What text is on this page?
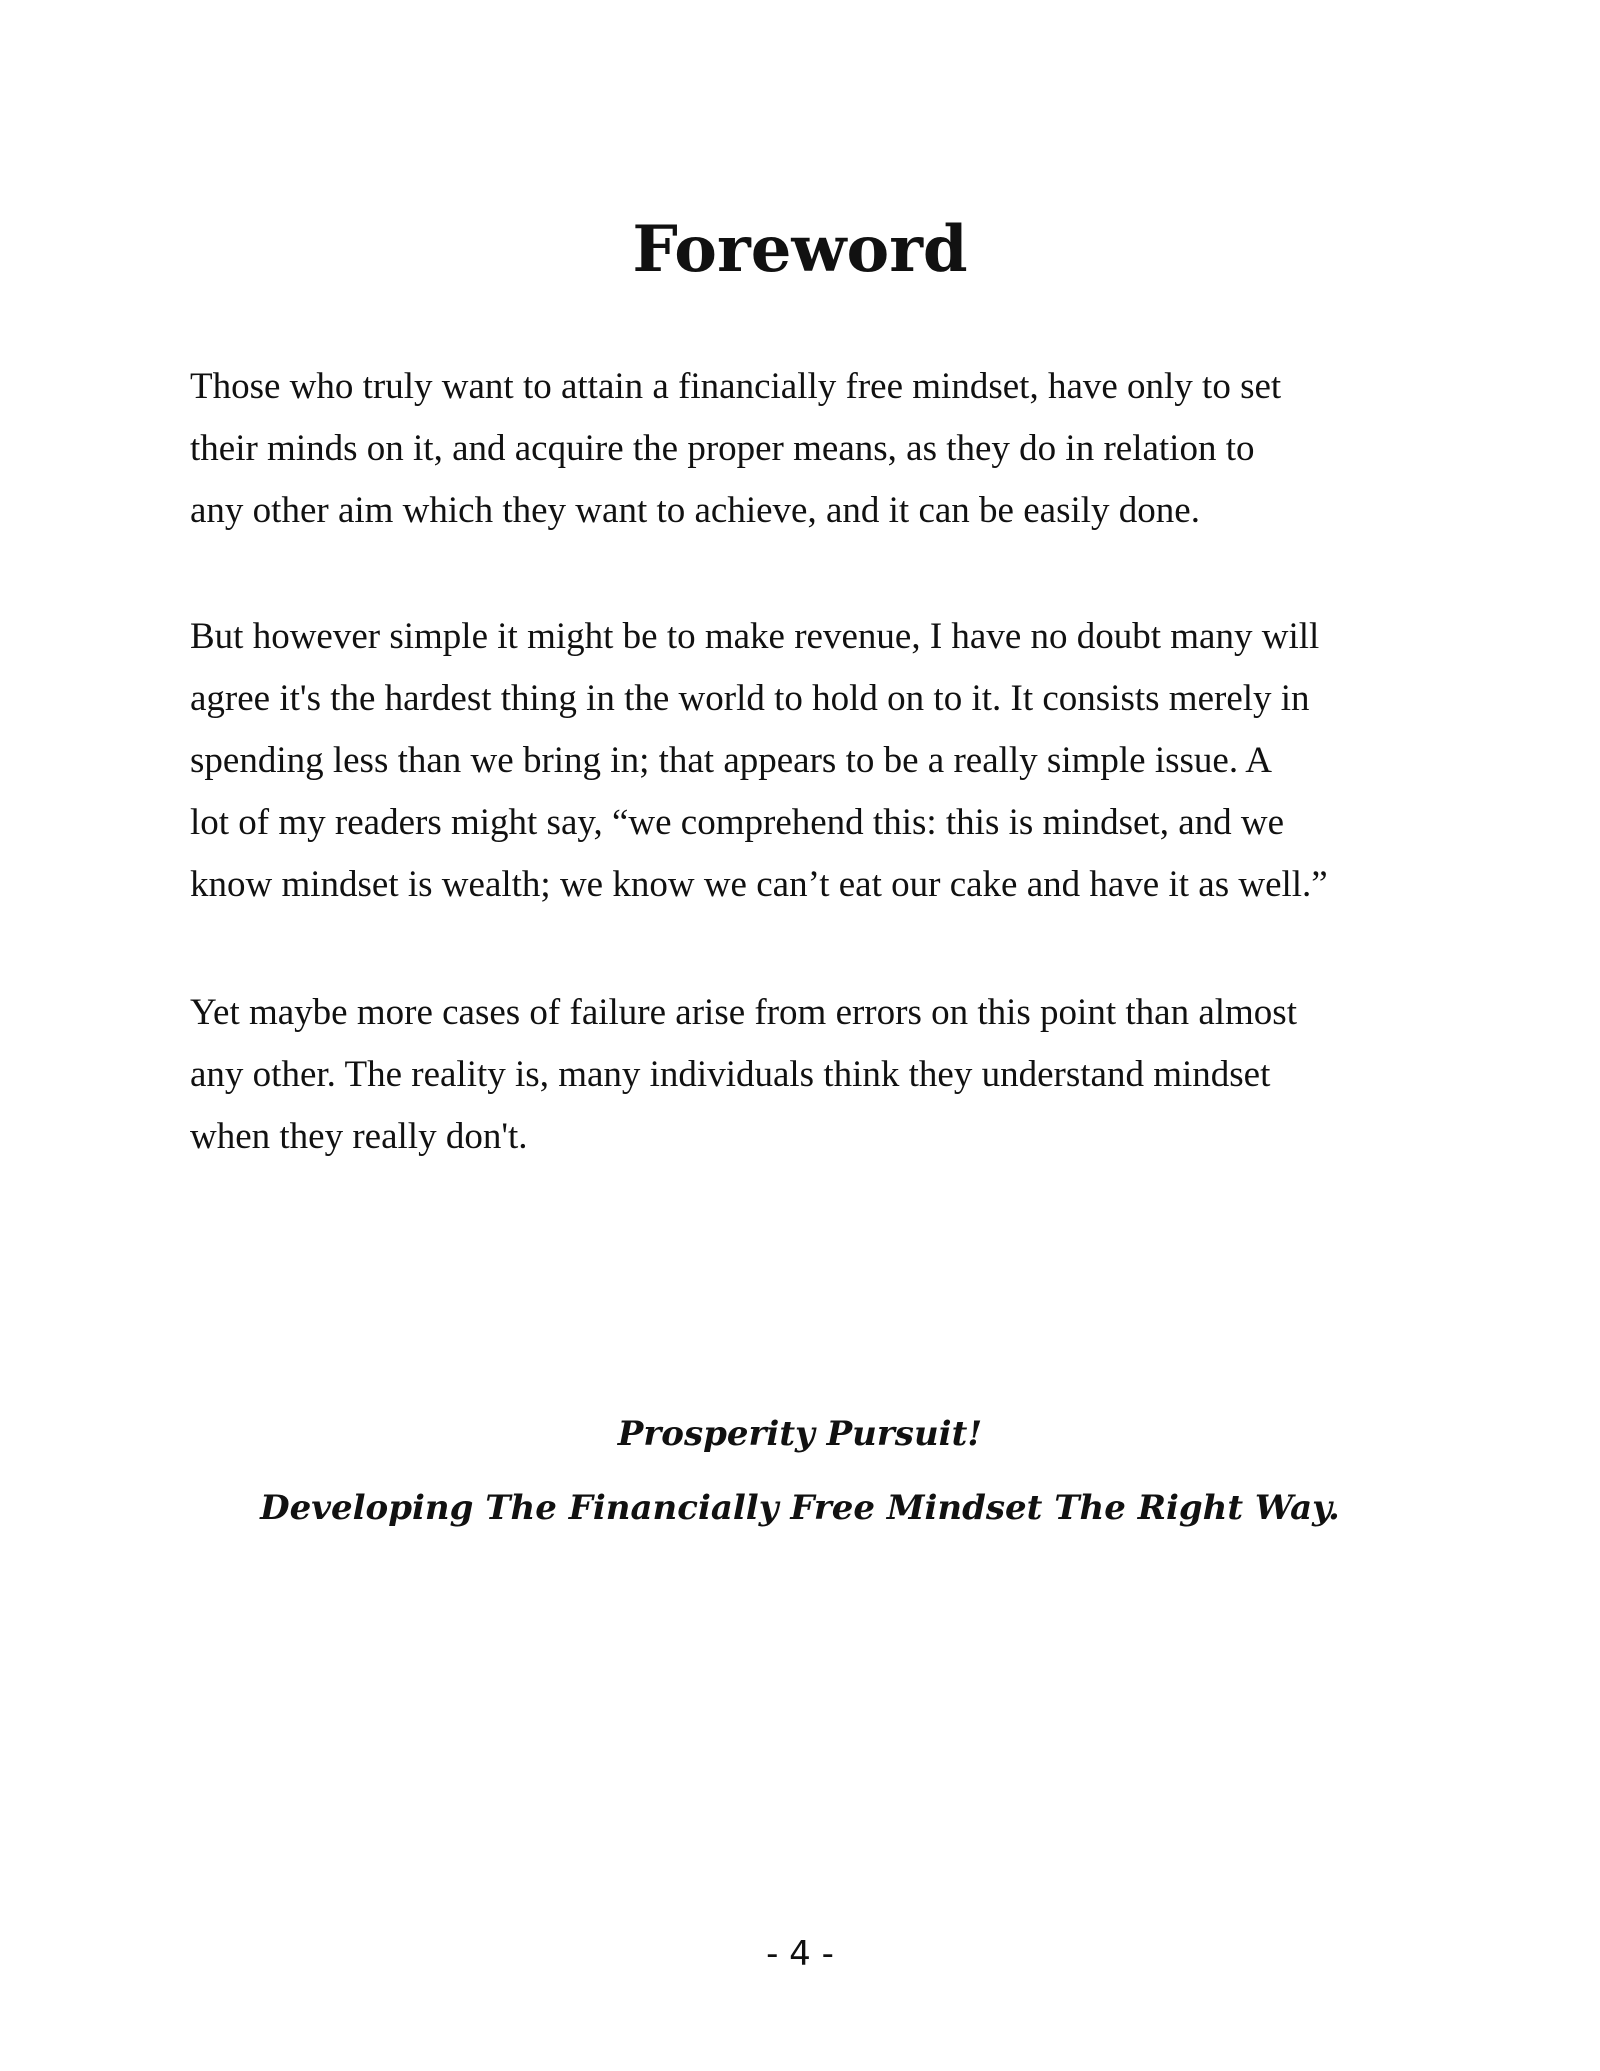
Foreword
Those who truly want to attain a financially free mindset, have only to set
their minds on it, and acquire the proper means, as they do in relation to
any other aim which they want to achieve, and it can be easily done.
But however simple it might be to make revenue, I have no doubt many will
agree it's the hardest thing in the world to hold on to it. It consists merely in
spending less than we bring in; that appears to be a really simple issue. A
lot of my readers might say, “we comprehend this: this is mindset, and we
know mindset is wealth; we know we can’t eat our cake and have it as well.”
Yet maybe more cases of failure arise from errors on this point than almost
any other. The reality is, many individuals think they understand mindset
when they really don't.
Prosperity Pursuit!
Developing The Financially Free Mindset The Right Way.
- 4 -
